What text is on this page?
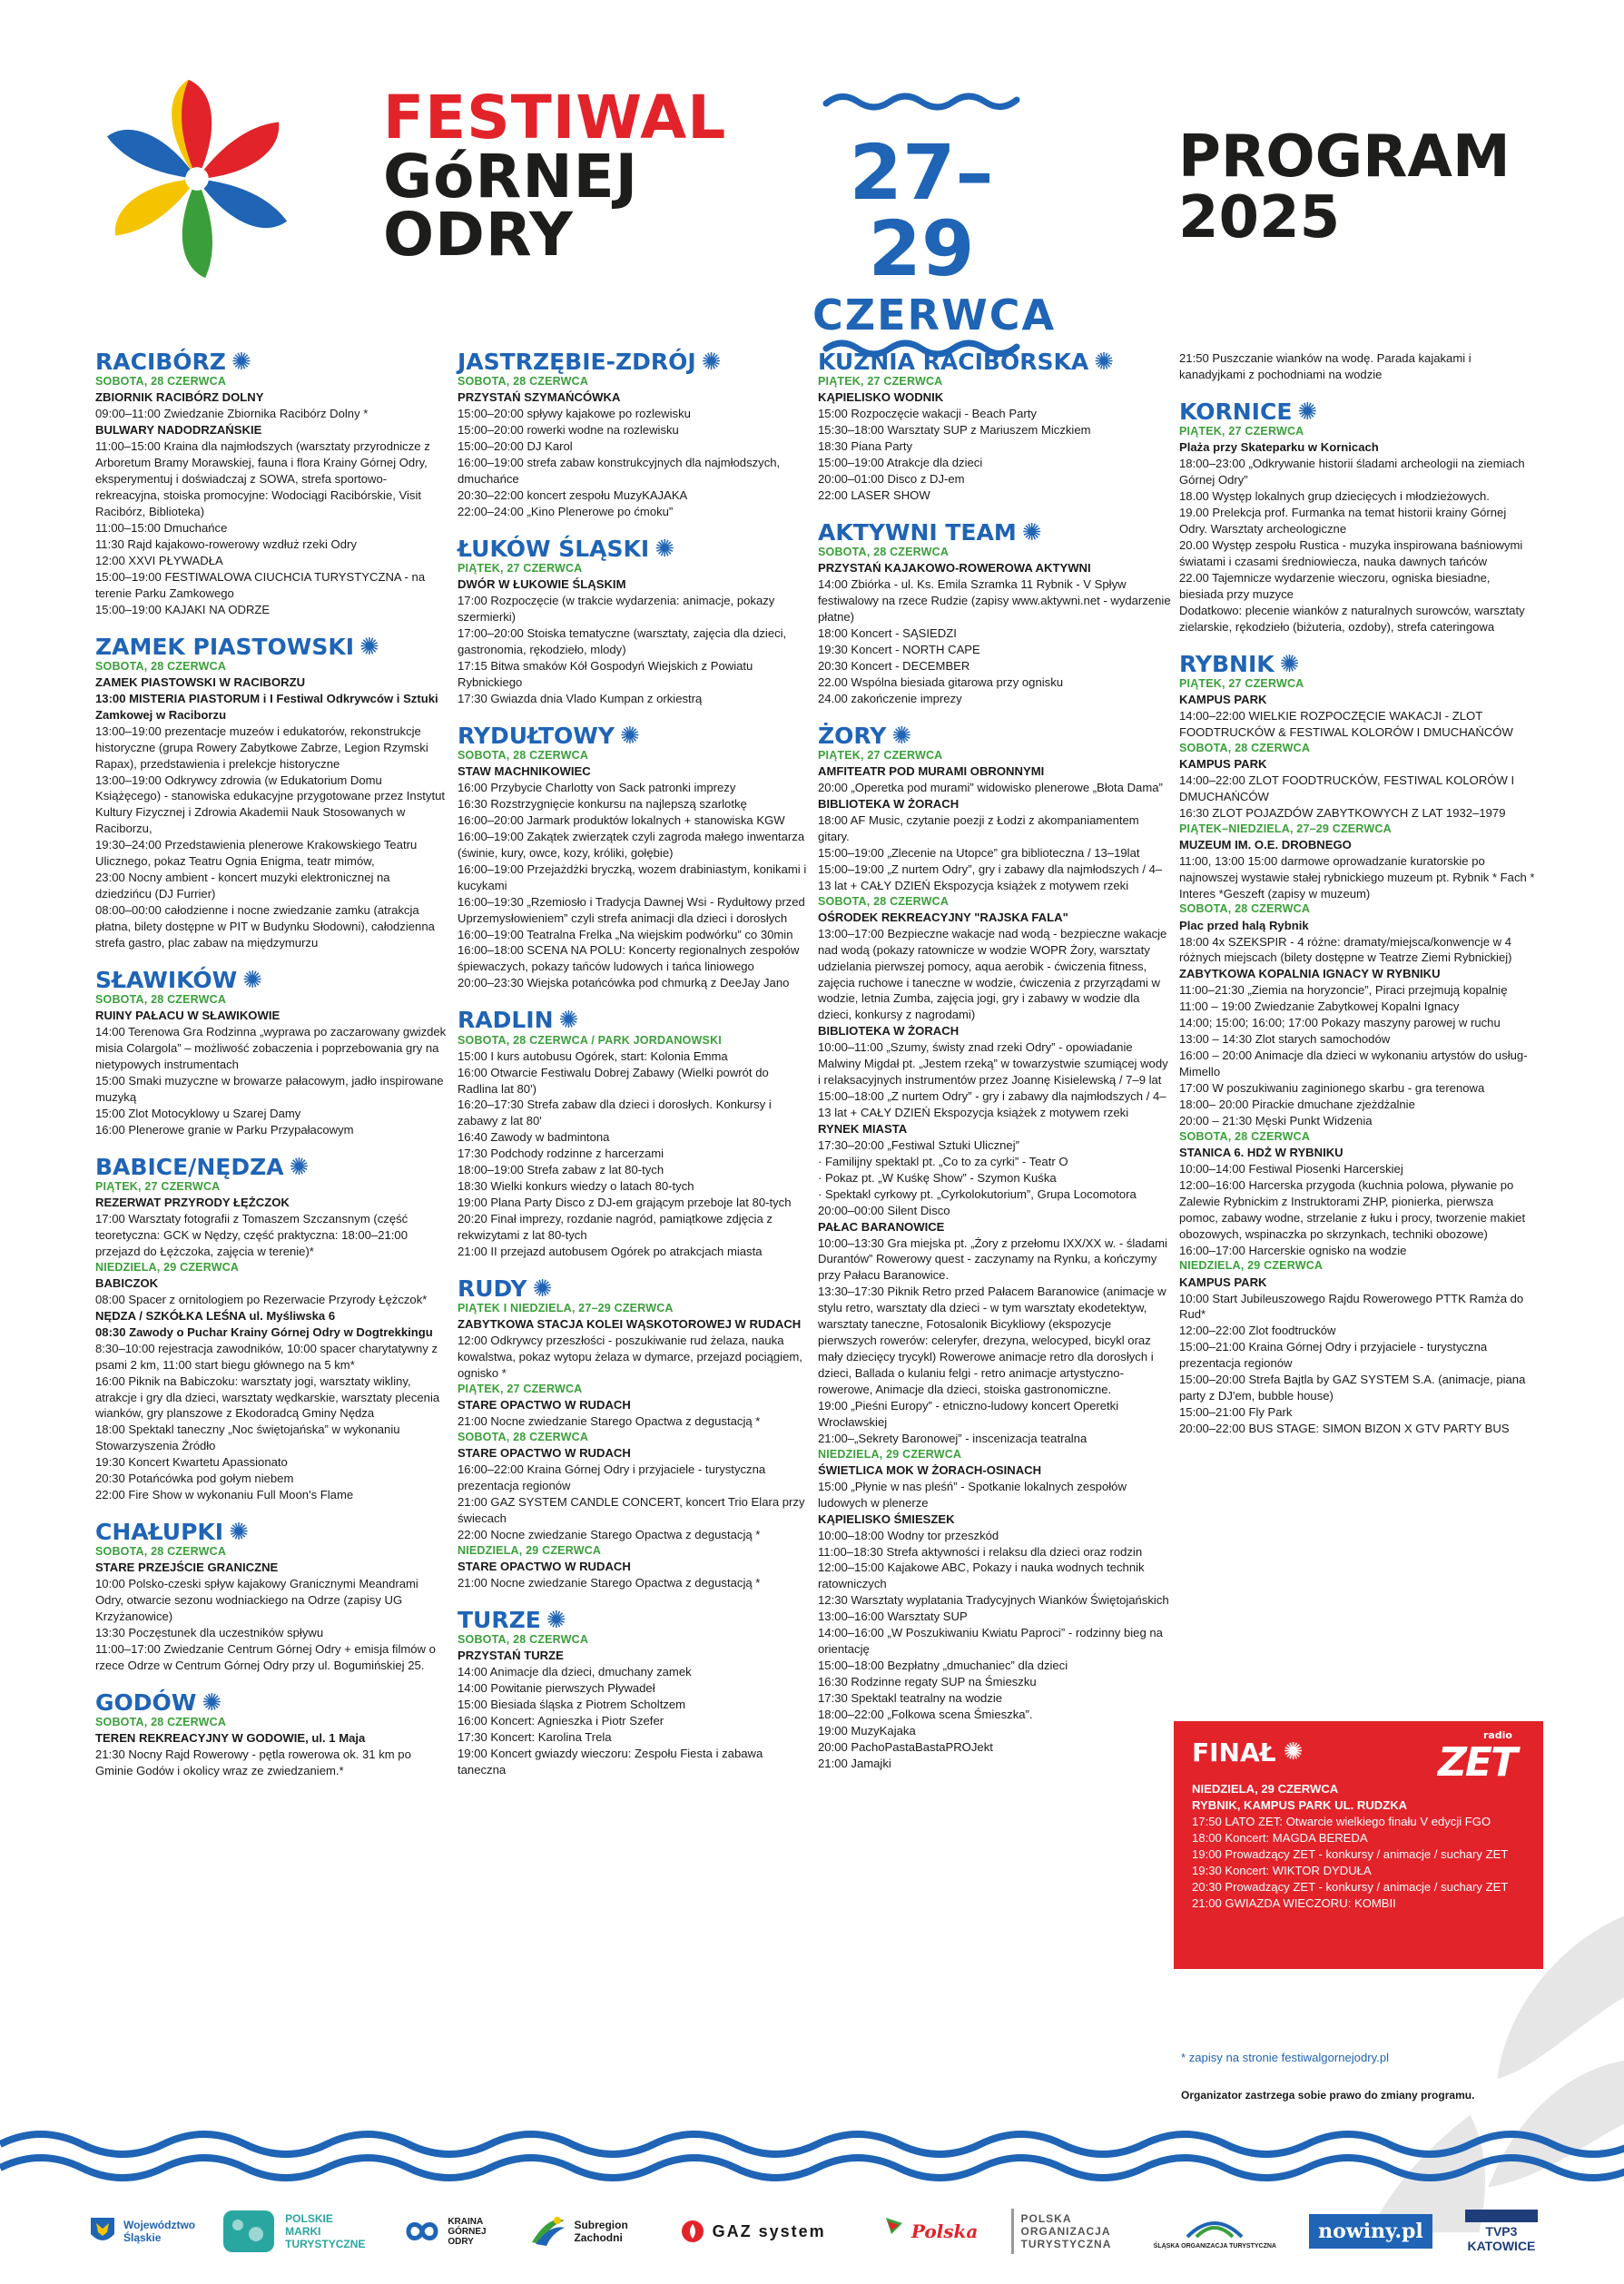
FESTIWAL
GóRNEJ
ODRY
27–29
CZERWCA
PROGRAM
2025
RACIBÓRZ ✺
SOBOTA, 28 CZERWCA
ZBIORNIK RACIBÓRZ DOLNY
09:00–11:00 Zwiedzanie Zbiornika Racibórz Dolny *
BULWARY NADODRZAŃSKIE
11:00–15:00 Kraina dla najmłodszych (warsztaty przyrodnicze z Arboretum Bramy Morawskiej, fauna i flora Krainy Górnej Odry, eksperymentuj i doświadczaj z SOWA, strefa sportowo-rekreacyjna, stoiska promocyjne: Wodociągi Racibórskie, Visit Racibórz, Biblioteka)
11:00–15:00 Dmuchańce
11:30 Rajd kajakowo-rowerowy wzdłuż rzeki Odry
12:00 XXVI PŁYWADŁA
15:00–19:00 FESTIWALOWA CIUCHCIA TURYSTYCZNA - na terenie Parku Zamkowego
15:00–19:00 KAJAKI NA ODRZE
ZAMEK PIASTOWSKI ✺
SOBOTA, 28 CZERWCA
ZAMEK PIASTOWSKI W RACIBORZU
13:00 MISTERIA PIASTORUM i I Festiwal Odkrywców i Sztuki Zamkowej w Raciborzu
13:00–19:00 prezentacje muzeów i edukatorów, rekonstrukcje historyczne (grupa Rowery Zabytkowe Zabrze, Legion Rzymski Rapax), przedstawienia i prelekcje historyczne
13:00–19:00 Odkrywcy zdrowia (w Edukatorium Domu Książęcego) - stanowiska edukacyjne przygotowane przez Instytut Kultury Fizycznej i Zdrowia Akademii Nauk Stosowanych w Raciborzu,
19:30–24:00 Przedstawienia plenerowe Krakowskiego Teatru Ulicznego, pokaz Teatru Ognia Enigma, teatr mimów,
23:00 Nocny ambient - koncert muzyki elektronicznej na dziedzińcu (DJ Furrier)
08:00–00:00 całodzienne i nocne zwiedzanie zamku (atrakcja płatna, bilety dostępne w PIT w Budynku Słodowni), całodzienna strefa gastro, plac zabaw na międzymurzu
SŁAWIKÓW ✺
SOBOTA, 28 CZERWCA
RUINY PAŁACU W SŁAWIKOWIE
14:00 Terenowa Gra Rodzinna „wyprawa po zaczarowany gwizdek misia Colargola” – możliwość zobaczenia i poprzebowania gry na nietypowych instrumentach
15:00 Smaki muzyczne w browarze pałacowym, jadło inspirowane muzyką
15:00 Zlot Motocyklowy u Szarej Damy
16:00 Plenerowe granie w Parku Przypałacowym
BABICE/NĘDZA ✺
PIĄTEK, 27 CZERWCA
REZERWAT PRZYRODY ŁĘŻCZOK
17:00 Warsztaty fotografii z Tomaszem Szczansnym (część teoretyczna: GCK w Nędzy, część praktyczna: 18:00–21:00 przejazd do Łężczoka, zajęcia w terenie)*
NIEDZIELA, 29 CZERWCA
BABICZOK
08:00 Spacer z ornitologiem po Rezerwacie Przyrody Łężczok*
NĘDZA / SZKÓŁKA LEŚNA ul. Myśliwska 6
08:30 Zawody o Puchar Krainy Górnej Odry w Dogtrekkingu
8:30–10:00 rejestracja zawodników, 10:00 spacer charytatywny z psami 2 km, 11:00 start biegu głównego na 5 km*
16:00 Piknik na Babiczoku: warsztaty jogi, warsztaty wikliny, atrakcje i gry dla dzieci, warsztaty wędkarskie, warsztaty plecenia wianków, gry planszowe z Ekodoradcą Gminy Nędza
18:00 Spektakl taneczny „Noc świętojańska” w wykonaniu Stowarzyszenia Źródło
19:30 Koncert Kwartetu Apassionato
20:30 Potańcówka pod gołym niebem
22:00 Fire Show w wykonaniu Full Moon's Flame
CHAŁUPKI ✺
SOBOTA, 28 CZERWCA
STARE PRZEJŚCIE GRANICZNE
10:00 Polsko-czeski spływ kajakowy Granicznymi Meandrami Odry, otwarcie sezonu wodniackiego na Odrze (zapisy UG Krzyżanowice)
13:30 Poczęstunek dla uczestników spływu
11:00–17:00 Zwiedzanie Centrum Górnej Odry + emisja filmów o rzece Odrze w Centrum Górnej Odry przy ul. Bogumińskiej 25.
GODÓW ✺
SOBOTA, 28 CZERWCA
TEREN REKREACYJNY W GODOWIE, ul. 1 Maja
21:30 Nocny Rajd Rowerowy - pętla rowerowa ok. 31 km po Gminie Godów i okolicy wraz ze zwiedzaniem.*
JASTRZĘBIE-ZDRÓJ ✺
SOBOTA, 28 CZERWCA
PRZYSTAŃ SZYMAŃCÓWKA
15:00–20:00 spływy kajakowe po rozlewisku
15:00–20:00 rowerki wodne na rozlewisku
15:00–20:00 DJ Karol
16:00–19:00 strefa zabaw konstrukcyjnych dla najmłodszych, dmuchańce
20:30–22:00 koncert zespołu MuzyKAJAKA
22:00–24:00 „Kino Plenerowe po ćmoku”
ŁUKÓW ŚLĄSKI ✺
PIĄTEK, 27 CZERWCA
DWÓR W ŁUKOWIE ŚLĄSKIM
17:00 Rozpoczęcie (w trakcie wydarzenia: animacje, pokazy szermierki)
17:00–20:00 Stoiska tematyczne (warsztaty, zajęcia dla dzieci, gastronomia, rękodzieło, mlody)
17:15 Bitwa smaków Kół Gospodyń Wiejskich z Powiatu Rybnickiego
17:30 Gwiazda dnia Vlado Kumpan z orkiestrą
RYDUŁTOWY ✺
SOBOTA, 28 CZERWCA
STAW MACHNIKOWIEC
16:00 Przybycie Charlotty von Sack patronki imprezy
16:30 Rozstrzygnięcie konkursu na najlepszą szarlotkę
16:00–20:00 Jarmark produktów lokalnych + stanowiska KGW
16:00–19:00 Zakątek zwierzątek czyli zagroda małego inwentarza (świnie, kury, owce, kozy, króliki, gołębie)
16:00–19:00 Przejażdżki bryczką, wozem drabiniastym, konikami i kucykami
16:00–19:30 „Rzemiosło i Tradycja Dawnej Wsi - Rydułtowy przed Uprzemysłowieniem” czyli strefa animacji dla dzieci i dorosłych
16:00–19:00 Teatralna Frelka „Na wiejskim podwórku” co 30min
16:00–18:00 SCENA NA POLU: Koncerty regionalnych zespołów śpiewaczych, pokazy tańców ludowych i tańca liniowego
20:00–23:30 Wiejska potańcówka pod chmurką z DeeJay Jano
RADLIN ✺
SOBOTA, 28 CZERWCA / PARK JORDANOWSKI
15:00 I kurs autobusu Ogórek, start: Kolonia Emma
16:00 Otwarcie Festiwalu Dobrej Zabawy (Wielki powrót do Radlina lat 80')
16:20–17:30 Strefa zabaw dla dzieci i dorosłych. Konkursy i zabawy z lat 80'
16:40 Zawody w badmintona
17:30 Podchody rodzinne z harcerzami
18:00–19:00 Strefa zabaw z lat 80-tych
18:30 Wielki konkurs wiedzy o latach 80-tych
19:00 Plana Party Disco z DJ-em grającym przeboje lat 80-tych
20:20 Finał imprezy, rozdanie nagród, pamiątkowe zdjęcia z rekwizytami z lat 80-tych
21:00 II przejazd autobusem Ogórek po atrakcjach miasta
RUDY ✺
PIĄTEK I NIEDZIELA, 27–29 CZERWCA
ZABYTKOWA STACJA KOLEI WĄSKOTOROWEJ W RUDACH
12:00 Odkrywcy przeszłości - poszukiwanie rud żelaza, nauka kowalstwa, pokaz wytopu żelaza w dymarce, przejazd pociągiem, ognisko *
PIĄTEK, 27 CZERWCA
STARE OPACTWO W RUDACH
21:00 Nocne zwiedzanie Starego Opactwa z degustacją *
SOBOTA, 28 CZERWCA
STARE OPACTWO W RUDACH
16:00–22:00 Kraina Górnej Odry i przyjaciele - turystyczna prezentacja regionów
21:00 GAZ SYSTEM CANDLE CONCERT, koncert Trio Elara przy świecach
22:00 Nocne zwiedzanie Starego Opactwa z degustacją *
NIEDZIELA, 29 CZERWCA
STARE OPACTWO W RUDACH
21:00 Nocne zwiedzanie Starego Opactwa z degustacją *
TURZE ✺
SOBOTA, 28 CZERWCA
PRZYSTAŃ TURZE
14:00 Animacje dla dzieci, dmuchany zamek
14:00 Powitanie pierwszych Pływadeł
15:00 Biesiada śląska z Piotrem Scholtzem
16:00 Koncert: Agnieszka i Piotr Szefer
17:30 Koncert: Karolina Trela
19:00 Koncert gwiazdy wieczoru: Zespołu Fiesta i zabawa taneczna
KUŹNIA RACIBORSKA ✺
PIĄTEK, 27 CZERWCA
KĄPIELISKO WODNIK
15:00 Rozpoczęcie wakacji - Beach Party
15:30–18:00 Warsztaty SUP z Mariuszem Miczkiem
18:30 Piana Party
15:00–19:00 Atrakcje dla dzieci
20:00–01:00 Disco z DJ-em
22:00 LASER SHOW
AKTYWNI TEAM ✺
SOBOTA, 28 CZERWCA
PRZYSTAŃ KAJAKOWO-ROWEROWA AKTYWNI
14:00 Zbiórka - ul. Ks. Emila Szramka 11 Rybnik - V Spływ festiwalowy na rzece Rudzie (zapisy www.aktywni.net - wydarzenie płatne)
18:00 Koncert - SĄSIEDZI
19:30 Koncert - NORTH CAPE
20:30 Koncert - DECEMBER
22.00 Wspólna biesiada gitarowa przy ognisku
24.00 zakończenie imprezy
ŻORY ✺
PIĄTEK, 27 CZERWCA
AMFITEATR POD MURAMI OBRONNYMI
20:00 „Operetka pod murami” widowisko plenerowe „Błota Dama”
BIBLIOTEKA W ŻORACH
18:00 AF Music, czytanie poezji z Łodzi z akompaniamentem gitary.
15:00–19:00 „Zlecenie na Utopce” gra biblioteczna / 13–19lat
15:00–19:00 „Z nurtem Odry”, gry i zabawy dla najmłodszych / 4–13 lat + CAŁY DZIEŃ Ekspozycja książek z motywem rzeki
SOBOTA, 28 CZERWCA
OŚRODEK REKREACYJNY "RAJSKA FALA"
13:00–17:00 Bezpieczne wakacje nad wodą - bezpieczne wakacje nad wodą (pokazy ratownicze w wodzie WOPR Żory, warsztaty udzielania pierwszej pomocy, aqua aerobik - ćwiczenia fitness, zajęcia ruchowe i taneczne w wodzie, ćwiczenia z przyrządami w wodzie, letnia Zumba, zajęcia jogi, gry i zabawy w wodzie dla dzieci, konkursy z nagrodami)
BIBLIOTEKA W ŻORACH
10:00–11:00 „Szumy, świsty znad rzeki Odry” - opowiadanie Malwiny Migdał pt. „Jestem rzeką” w towarzystwie szumiącej wody i relaksacyjnych instrumentów przez Joannę Kisielewską / 7–9 lat
15:00–18:00 „Z nurtem Odry” - gry i zabawy dla najmłodszych / 4–13 lat + CAŁY DZIEŃ Ekspozycja książek z motywem rzeki
RYNEK MIASTA
17:30–20:00 „Festiwal Sztuki Ulicznej”
· Familijny spektakl pt. „Co to za cyrki” - Teatr O
· Pokaz pt. „W Kuśkę Show” - Szymon Kuśka
· Spektakl cyrkowy pt. „Cyrkolokutorium”, Grupa Locomotora
20:00–00:00 Silent Disco
PAŁAC BARANOWICE
10:00–13:30 Gra miejska pt. „Żory z przełomu IXX/XX w. - śladami Durantów” Rowerowy quest - zaczynamy na Rynku, a kończymy przy Pałacu Baranowice.
13:30–17:30 Piknik Retro przed Pałacem Baranowice (animacje w stylu retro, warsztaty dla dzieci - w tym warsztaty ekodetektyw, warsztaty taneczne, Fotosalonik Bicykliowy (ekspozycje pierwszych rowerów: celeryfer, drezyna, welocyped, bicykl oraz mały dziecięcy trycykl) Rowerowe animacje retro dla dorosłych i dzieci, Ballada o kulaniu felgi - retro animacje artystyczno-rowerowe, Animacje dla dzieci, stoiska gastronomiczne.
19:00 „Pieśni Europy” - etniczno-ludowy koncert Operetki Wrocławskiej
21:00–„Sekrety Baronowej” - inscenizacja teatralna
NIEDZIELA, 29 CZERWCA
ŚWIETLICA MOK W ŻORACH-OSINACH
15:00 „Płynie w nas pleśń” - Spotkanie lokalnych zespołów ludowych w plenerze
KĄPIELISKO ŚMIESZEK
10:00–18:00 Wodny tor przeszkód
11:00–18:30 Strefa aktywności i relaksu dla dzieci oraz rodzin
12:00–15:00 Kajakowe ABC, Pokazy i nauka wodnych technik ratowniczych
12:30 Warsztaty wyplatania Tradycyjnych Wianków Świętojańskich
13:00–16:00 Warsztaty SUP
14:00–16:00 „W Poszukiwaniu Kwiatu Paproci” - rodzinny bieg na orientację
15:00–18:00 Bezpłatny „dmuchaniec” dla dzieci
16:30 Rodzinne regaty SUP na Śmieszku
17:30 Spektakl teatralny na wodzie
18:00–22:00 „Folkowa scena Śmieszka”.
19:00 MuzyKajaka
20:00 PachoPastaBastaPROJekt
21:00 Jamajki
21:50 Puszczanie wianków na wodę. Parada kajakami i kanadyjkami z pochodniami na wodzie
KORNICE ✺
PIĄTEK, 27 CZERWCA
Plaża przy Skateparku w Kornicach
18:00–23:00 „Odkrywanie historii śladami archeologii na ziemiach Górnej Odry”
18.00 Występ lokalnych grup dziecięcych i młodzieżowych.
19.00 Prelekcja prof. Furmanka na temat historii krainy Górnej Odry. Warsztaty archeologiczne
20.00 Występ zespołu Rustica - muzyka inspirowana baśniowymi światami i czasami średniowiecza, nauka dawnych tańców
22.00 Tajemnicze wydarzenie wieczoru, ogniska biesiadne, biesiada przy muzyce
Dodatkowo: plecenie wianków z naturalnych surowców, warsztaty zielarskie, rękodzieło (biżuteria, ozdoby), strefa cateringowa
RYBNIK ✺
PIĄTEK, 27 CZERWCA
KAMPUS PARK
14:00–22:00 WIELKIE ROZPOCZĘCIE WAKACJI - ZLOT FOODTRUCKÓW & FESTIWAL KOLORÓW I DMUCHAŃCÓW
SOBOTA, 28 CZERWCA
KAMPUS PARK
14:00–22:00 ZLOT FOODTRUCKÓW, FESTIWAL KOLORÓW I DMUCHAŃCÓW
16:30 ZLOT POJAZDÓW ZABYTKOWYCH Z LAT 1932–1979
PIĄTEK–NIEDZIELA, 27–29 CZERWCA
MUZEUM IM. O.E. DROBNEGO
11:00, 13:00 15:00 darmowe oprowadzanie kuratorskie po najnowszej wystawie stałej rybnickiego muzeum pt. Rybnik * Fach * Interes *Geszeft (zapisy w muzeum)
SOBOTA, 28 CZERWCA
Plac przed halą Rybnik
18:00 4x SZEKSPIR - 4 różne: dramaty/miejsca/konwencje w 4 różnych miejscach (bilety dostępne w Teatrze Ziemi Rybnickiej)
ZABYTKOWA KOPALNIA IGNACY W RYBNIKU
11:00–21:30 „Ziemia na horyzoncie”, Piraci przejmują kopalnię
11:00 – 19:00 Zwiedzanie Zabytkowej Kopalni Ignacy
14:00; 15:00; 16:00; 17:00 Pokazy maszyny parowej w ruchu
13:00 – 14:30 Zlot starych samochodów
16:00 – 20:00 Animacje dla dzieci w wykonaniu artystów do usług-Mimello
17:00 W poszukiwaniu zaginionego skarbu - gra terenowa
18:00– 20:00 Pirackie dmuchane zjeżdżalnie
20:00 – 21:30 Męski Punkt Widzenia
SOBOTA, 28 CZERWCA
STANICA 6. HDŻ W RYBNIKU
10:00–14:00 Festiwal Piosenki Harcerskiej
12:00–16:00 Harcerska przygoda (kuchnia polowa, pływanie po Zalewie Rybnickim z Instruktorami ZHP, pionierka, pierwsza pomoc, zabawy wodne, strzelanie z łuku i procy, tworzenie makiet obozowych, wspinaczka po skrzynkach, techniki obozowe)
16:00–17:00 Harcerskie ognisko na wodzie
NIEDZIELA, 29 CZERWCA
KAMPUS PARK
10:00 Start Jubileuszowego Rajdu Rowerowego PTTK Ramża do Rud*
12:00–22:00 Zlot foodtrucków
15:00–21:00 Kraina Górnej Odry i przyjaciele - turystyczna prezentacja regionów
15:00–20:00 Strefa Bajtla by GAZ SYSTEM S.A. (animacje, piana party z DJ'em, bubble house)
15:00–21:00 Fly Park
20:00–22:00 BUS STAGE: SIMON BIZON X GTV PARTY BUS
FINAŁ ✺
radio
ZET
NIEDZIELA, 29 CZERWCA
RYBNIK, KAMPUS PARK UL. RUDZKA
17:50 LATO ZET: Otwarcie wielkiego finału V edycji FGO
18:00 Koncert: MAGDA BEREDA
19:00 Prowadzący ZET - konkursy / animacje / suchary ZET
19:30 Koncert: WIKTOR DYDUŁA
20:30 Prowadzący ZET - konkursy / animacje / suchary ZET
21:00 GWIAZDA WIECZORU: KOMBII
* zapisy na stronie festiwalgornejodry.pl
Organizator zastrzega sobie prawo do zmiany programu.
Województwo Śląskie
POLSKIE MARKI TURYSTYCZNE
KRAINA GÓRNEJ ODRY
Subregion Zachodni	GAZ system	Polska
POLSKA ORGANIZACJA TURYSTYCZNA	ŚLĄSKA ORGANIZACJA TURYSTYCZNA
nowiny.pl	TVP3 KATOWICE
